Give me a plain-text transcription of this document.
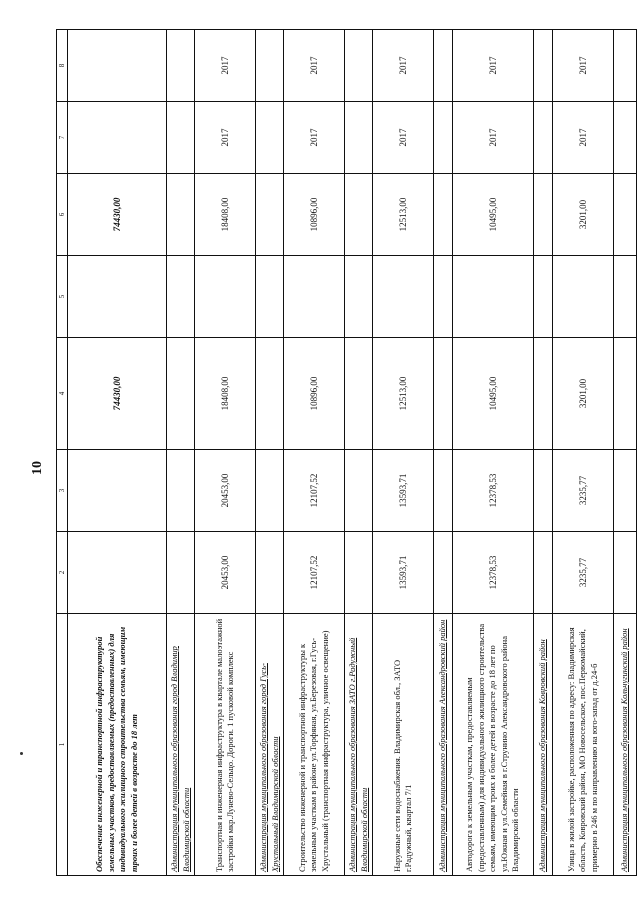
10
1	2	3	4	5	6	7	8
Обеспечение инженерной и транспортной инфраструктурой земельных участков, предоставляемых (предоставленных) для индивидуального жилищного строительства семьям, имеющим троих и более детей в возрасте до 18 лет			74430,00		74430,00		
Администрация муниципального образования город Владимир Владимирской области							
Транспортная и инженерная инфраструктура в квартале малоэтажной застройки мкр.Лунево-Сельцо. Дороги. 1 пусковой комплекс	20453,00	20453,00	18408,00		18408,00	2017	2017
Администрация муниципального образования город Гусь-Хрустальный Владимирской области							
Строительство инженерной и транспортной инфраструктуры к земельным участкам в районе ул.Торфяная, ул.Березовая, г.Гусь-Хрустальный (транспортная инфраструктура, уличное освещение)	12107,52	12107,52	10896,00		10896,00	2017	2017
Администрация муниципального образования ЗАТО г.Радужный Владимирской области							
Наружные сети водоснабжения. Владимирская обл., ЗАТО г.Радужный, квартал 7/1	13593,71	13593,71	12513,00		12513,00	2017	2017
Администрация муниципального образования Александровский район							
Автодорога к земельным участкам, предоставляемым (предоставленным) для индивидуального жилищного строительства семьям, имеющим троих и более детей в возрасте до 18 лет по ул.Южная и ул.Семейная в г.Струнино Александровского района Владимирской области	12378,53	12378,53	10495,00		10495,00	2017	2017
Администрация муниципального образования Ковровский район							
Улица в жилой застройке, расположенная по адресу: Владимирская область, Ковровский район, МО Новосельское, пос.Первомайский, примерно в 246 м по направлению на юго-запад от д.24-б	3235,77	3235,77	3201,00		3201,00	2017	2017
Администрация муниципального образования Кольчугинский район							
